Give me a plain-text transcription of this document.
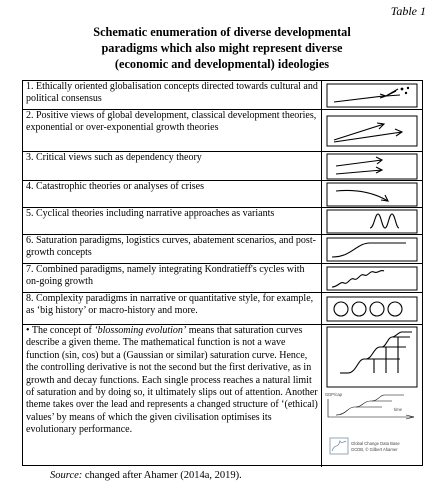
Table 1
Schematic enumeration of diverse developmental
paradigms which also might represent diverse
(economic and developmental) ideologies
1. Ethically oriented globalisation concepts directed towards cultural and political consensus
2. Positive views of global development, classical development theories, exponential or over-exponential growth theories
3. Critical views such as dependency theory
4. Catastrophic theories or analyses of crises
5. Cyclical theories including narrative approaches as variants
6. Saturation paradigms, logistics curves, abatement scenarios, and post-growth concepts
7. Combined paradigms, namely integrating Kondratieff's cycles with on-going growth
8. Complexity paradigms in narrative or quantitative style, for example, as ‘big history’ or macro-history and more.
• The concept of ‘blossoming evolution’ means that saturation curves describe a given theme. The mathematical function is not a wave function (sin, cos) but a (Gaussian or similar) saturation curve. Hence, the controlling derivative is not the second but the first derivative, as in growth and decay functions. Each single process reaches a natural limit of saturation and by doing so, it ultimately slips out of attention. Another theme takes over the lead and represents a changed structure of ‘(ethical) values’ by means of which the given civilisation optimises its evolutionary performance.
GDP/cap
time
Global Change Data Base
GCDB, © Gilbert Ahamer
Source: changed after Ahamer (2014a, 2019).
